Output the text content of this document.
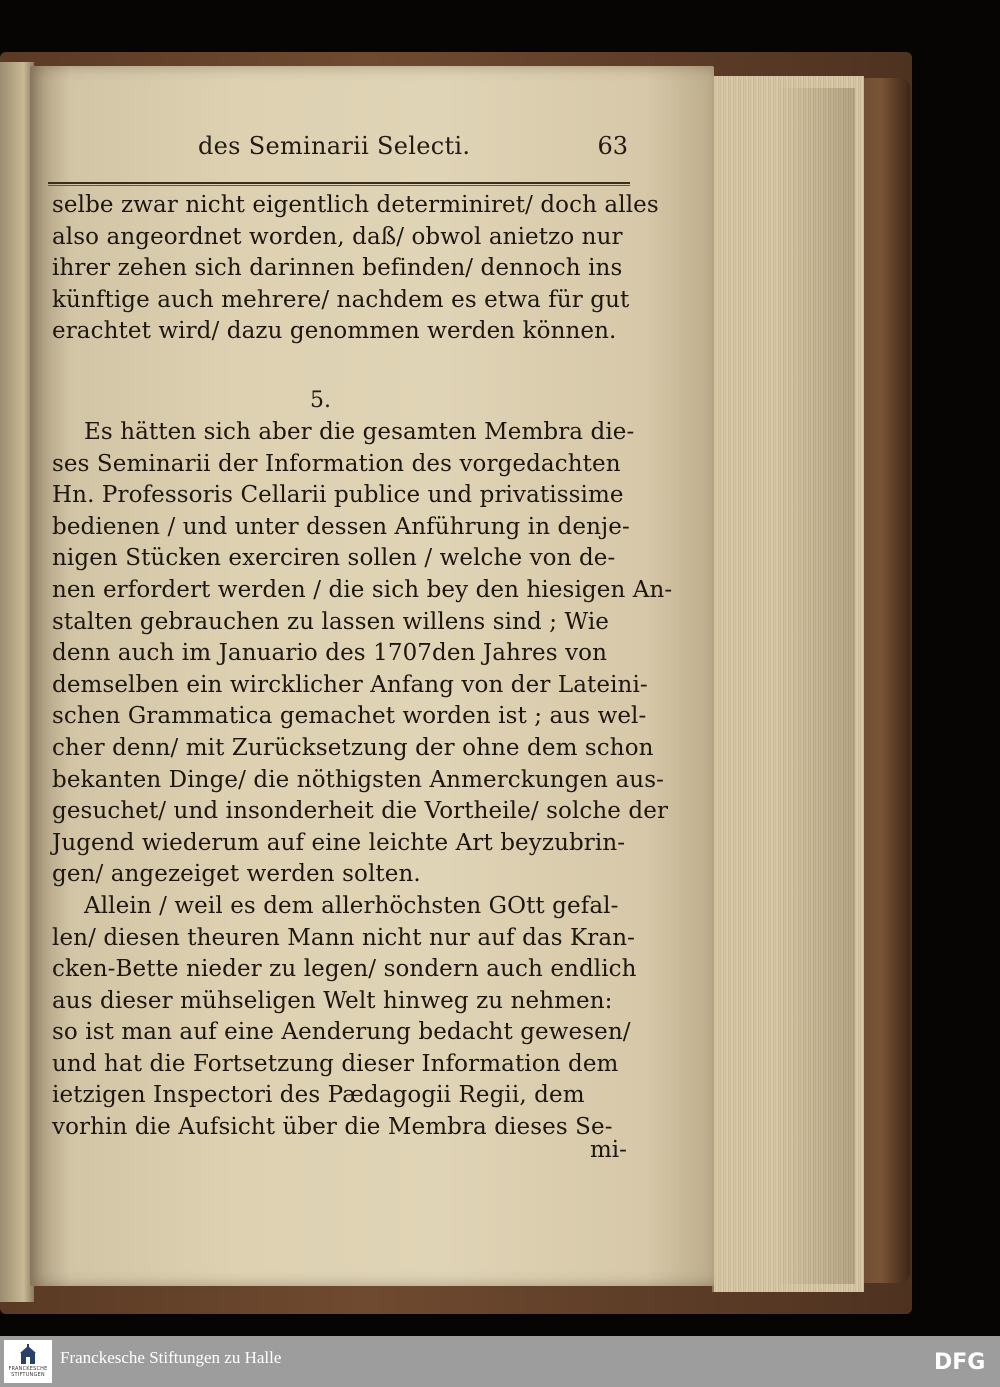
des Seminarii Selecti.	63
selbe zwar nicht eigentlich determiniret/ doch alles
also angeordnet worden, daß/ obwol anietzo nur
ihrer zehen sich darinnen befinden/ dennoch ins
künftige auch mehrere/ nachdem es etwa für gut
erachtet wird/ dazu genommen werden können.
5.
Es hätten sich aber die gesamten Membra die-
ses Seminarii der Information des vorgedachten
Hn. Professoris Cellarii publice und privatissime
bedienen / und unter dessen Anführung in denje-
nigen Stücken exerciren sollen / welche von de-
nen erfordert werden / die sich bey den hiesigen An-
stalten gebrauchen zu lassen willens sind ; Wie
denn auch im Januario des 1707den Jahres von
demselben ein wircklicher Anfang von der Lateini-
schen Grammatica gemachet worden ist ; aus wel-
cher denn/ mit Zurücksetzung der ohne dem schon
bekanten Dinge/ die nöthigsten Anmerckungen aus-
gesuchet/ und insonderheit die Vortheile/ solche der
Jugend wiederum auf eine leichte Art beyzubrin-
gen/ angezeiget werden solten.
Allein / weil es dem allerhöchsten GOtt gefal-
len/ diesen theuren Mann nicht nur auf das Kran-
cken-Bette nieder zu legen/ sondern auch endlich
aus dieser mühseligen Welt hinweg zu nehmen:
so ist man auf eine Aenderung bedacht gewesen/
und hat die Fortsetzung dieser Information dem
ietzigen Inspectori des Pædagogii Regii, dem
vorhin die Aufsicht über die Membra dieses Se-
mi-
FRANCKESCHE
STIFTUNGEN
Franckesche Stiftungen zu Halle	DFG
